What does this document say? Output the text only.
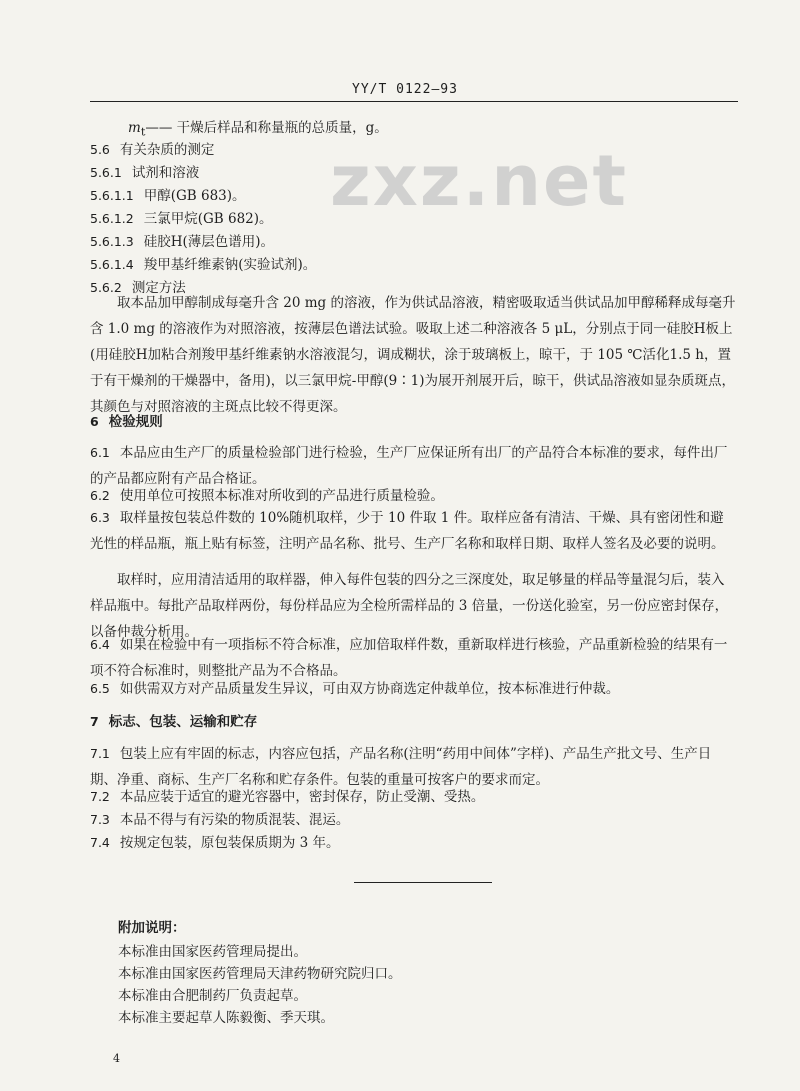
YY/T 0122—93
zxz.net
$m_t——$ 干燥后样品和称量瓶的总质量，g。
5.6 有关杂质的测定
5.6.1 试剂和溶液
5.6.1.1 甲醇(GB 683)。
5.6.1.2 三氯甲烷(GB 682)。
5.6.1.3 硅胶H(薄层色谱用)。
5.6.1.4 羧甲基纤维素钠(实验试剂)。
5.6.2 测定方法
取本品加甲醇制成每毫升含 20 mg 的溶液，作为供试品溶液，精密吸取适当供试品加甲醇稀释成每毫升含 1.0 mg 的溶液作为对照溶液，按薄层色谱法试验。吸取上述二种溶液各 5 μL，分别点于同一硅胶H板上(用硅胶H加粘合剂羧甲基纤维素钠水溶液混匀，调成糊状，涂于玻璃板上，晾干，于 105 ℃活化1.5 h，置于有干燥剂的干燥器中，备用)，以三氯甲烷-甲醇(9∶1)为展开剂展开后，晾干，供试品溶液如显杂质斑点，其颜色与对照溶液的主斑点比较不得更深。
6 检验规则
6.1 本品应由生产厂的质量检验部门进行检验，生产厂应保证所有出厂的产品符合本标准的要求，每件出厂的产品都应附有产品合格证。
6.2 使用单位可按照本标准对所收到的产品进行质量检验。
6.3 取样量按包装总件数的 10%随机取样，少于 10 件取 1 件。取样应备有清洁、干燥、具有密闭性和避光性的样品瓶，瓶上贴有标签，注明产品名称、批号、生产厂名称和取样日期、取样人签名及必要的说明。
取样时，应用清洁适用的取样器，伸入每件包装的四分之三深度处，取足够量的样品等量混匀后，装入样品瓶中。每批产品取样两份，每份样品应为全检所需样品的 3 倍量，一份送化验室，另一份应密封保存，以备仲裁分析用。
6.4 如果在检验中有一项指标不符合标准，应加倍取样件数，重新取样进行核验，产品重新检验的结果有一项不符合标准时，则整批产品为不合格品。
6.5 如供需双方对产品质量发生异议，可由双方协商选定仲裁单位，按本标准进行仲裁。
7 标志、包装、运输和贮存
7.1 包装上应有牢固的标志，内容应包括，产品名称(注明“药用中间体”字样)、产品生产批文号、生产日期、净重、商标、生产厂名称和贮存条件。包装的重量可按客户的要求而定。
7.2 本品应装于适宜的避光容器中，密封保存，防止受潮、受热。
7.3 本品不得与有污染的物质混装、混运。
7.4 按规定包装，原包装保质期为 3 年。
附加说明：
本标准由国家医药管理局提出。
本标准由国家医药管理局天津药物研究院归口。
本标准由合肥制药厂负责起草。
本标准主要起草人陈毅衡、季天琪。
4
